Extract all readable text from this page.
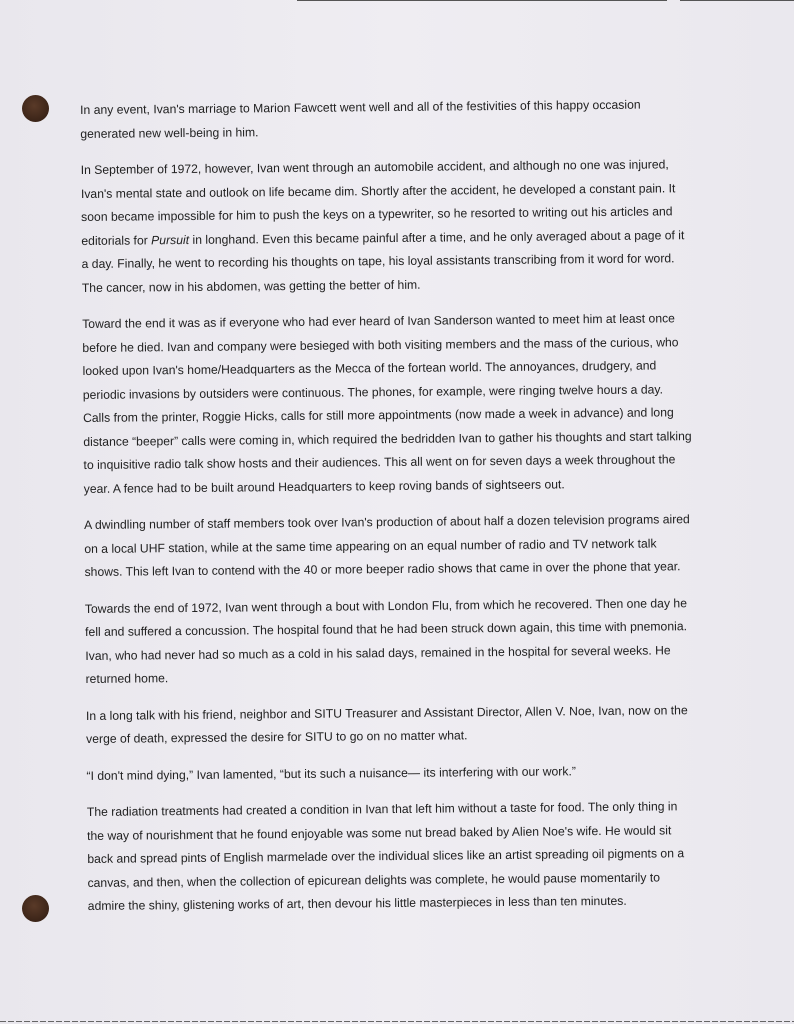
In any event, Ivan's marriage to Marion Fawcett went well and all of the festivities of this happy occasion generated new well-being in him.

In September of 1972, however, Ivan went through an automobile accident, and although no one was injured, Ivan's mental state and outlook on life became dim. Shortly after the accident, he developed a constant pain. It soon became impossible for him to push the keys on a typewriter, so he resorted to writing out his articles and editorials for Pursuit in longhand. Even this became painful after a time, and he only averaged about a page of it a day. Finally, he went to recording his thoughts on tape, his loyal assistants transcribing from it word for word. The cancer, now in his abdomen, was getting the better of him.

Toward the end it was as if everyone who had ever heard of Ivan Sanderson wanted to meet him at least once before he died. Ivan and company were besieged with both visiting members and the mass of the curious, who looked upon Ivan's home/Headquarters as the Mecca of the fortean world. The annoyances, drudgery, and periodic invasions by outsiders were continuous. The phones, for example, were ringing twelve hours a day. Calls from the printer, Roggie Hicks, calls for still more appointments (now made a week in advance) and long distance “beeper” calls were coming in, which required the bedridden Ivan to gather his thoughts and start talking to inquisitive radio talk show hosts and their audiences. This all went on for seven days a week throughout the year. A fence had to be built around Headquarters to keep roving bands of sightseers out.

A dwindling number of staff members took over Ivan's production of about half a dozen television programs aired on a local UHF station, while at the same time appearing on an equal number of radio and TV network talk shows. This left Ivan to contend with the 40 or more beeper radio shows that came in over the phone that year.

Towards the end of 1972, Ivan went through a bout with London Flu, from which he recovered. Then one day he fell and suffered a concussion. The hospital found that he had been struck down again, this time with pnemonia. Ivan, who had never had so much as a cold in his salad days, remained in the hospital for several weeks. He returned home.

In a long talk with his friend, neighbor and SITU Treasurer and Assistant Director, Allen V. Noe, Ivan, now on the verge of death, expressed the desire for SITU to go on no matter what.

“I don't mind dying,” Ivan lamented, “but its such a nuisance— its interfering with our work.”

The radiation treatments had created a condition in Ivan that left him without a taste for food. The only thing in the way of nourishment that he found enjoyable was some nut bread baked by Alien Noe's wife. He would sit back and spread pints of English marmelade over the individual slices like an artist spreading oil pigments on a canvas, and then, when the collection of epicurean delights was complete, he would pause momentarily to admire the shiny, glistening works of art, then devour his little masterpieces in less than ten minutes.
